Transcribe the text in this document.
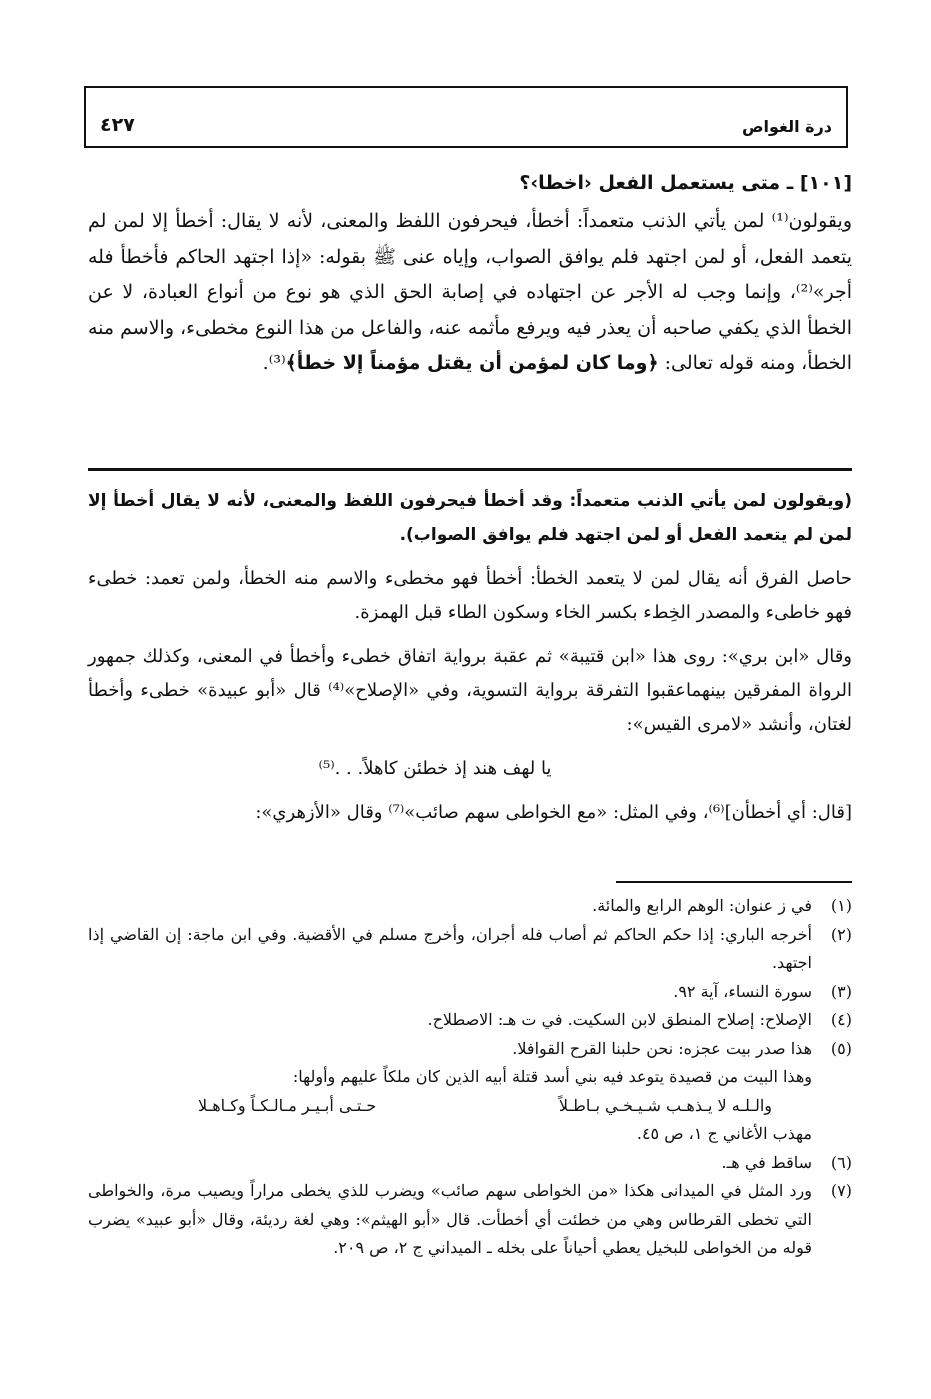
درة الغواص
٤٢٧
[١٠١] ـ متى يستعمل الفعل ‹اخطا›؟

ويقولون⁽¹⁾ لمن يأتي الذنب متعمداً: أخطأ، فيحرفون اللفظ والمعنى، لأنه لا يقال: أخطأ إلا لمن لم يتعمد الفعل، أو لمن اجتهد فلم يوافق الصواب، وإياه عنى ﷺ بقوله: «إذا اجتهد الحاكم فأخطأ فله أجر»⁽²⁾، وإنما وجب له الأجر عن اجتهاده في إصابة الحق الذي هو نوع من أنواع العبادة، لا عن الخطأ الذي يكفي صاحبه أن يعذر فيه ويرفع مأثمه عنه، والفاعل من هذا النوع مخطىء، والاسم منه الخطأ، ومنه قوله تعالى: ﴿وما كان لمؤمن أن يقتل مؤمناً إلا خطأ﴾⁽³⁾.

(ويقولون لمن يأتي الذنب متعمداً: وقد أخطأ فيحرفون اللفظ والمعنى، لأنه لا يقال أخطأ إلا لمن لم يتعمد الفعل أو لمن اجتهد فلم يوافق الصواب).

حاصل الفرق أنه يقال لمن لا يتعمد الخطأ: أخطأ فهو مخطىء والاسم منه الخطأ، ولمن تعمد: خطىء فهو خاطىء والمصدر الخِطء بكسر الخاء وسكون الطاء قبل الهمزة.

وقال «ابن بري»: روى هذا «ابن قتيبة» ثم عقبة برواية اتفاق خطىء وأخطأ في المعنى، وكذلك جمهور الرواة المفرقين بينهماعقبوا التفرقة برواية التسوية، وفي «الإصلاح»⁽⁴⁾ قال «أبو عبيدة» خطىء وأخطأ لغتان، وأنشد «لامرى القيس»:

يا لهف هند إذ خطئن كاهلاً. . .⁽⁵⁾

[قال: أي أخطأن]⁽⁶⁾، وفي المثل: «مع الخواطى سهم صائب»⁽⁷⁾ وقال «الأزهري»:

(١)

في ز عنوان: الوهم الرابع والمائة.

(٢)

أخرجه الباري: إذا حكم الحاكم ثم أصاب فله أجران، وأخرج مسلم في الأقضية. وفي ابن ماجة: إن القاضي إذا اجتهد.

(٣)

سورة النساء، آية ٩٢.

(٤)

الإصلاح: إصلاح المنطق لابن السكيت. في ت هـ: الاصطلاح.

(٥)

هذا صدر بيت عجزه: نحن حلبنا القرح القوافلا.

وهذا البيت من قصيدة يتوعد فيه بني أسد قتلة أبيه الذين كان ملكاً عليهم وأولها:

والـلـه لا يـذهـب شـيـخـي بـاطـلاً
حـتـى أبـيـر مـالـكـاً وكـاهـلا

مهذب الأغاني ج ١، ص ٤٥.

(٦)

ساقط في هـ.

(٧)

ورد المثل في الميدانى هكذا «من الخواطى سهم صائب» ويضرب للذي يخطى مراراً ويصيب مرة، والخواطى التي تخطى القرطاس وهي من خطئت أي أخطأت. قال «أبو الهيثم»: وهي لغة رديئة، وقال «أبو عبيد» يضرب قوله من الخواطى للبخيل يعطي أحياناً على بخله ـ الميداني ج ٢، ص ٢٠٩.
